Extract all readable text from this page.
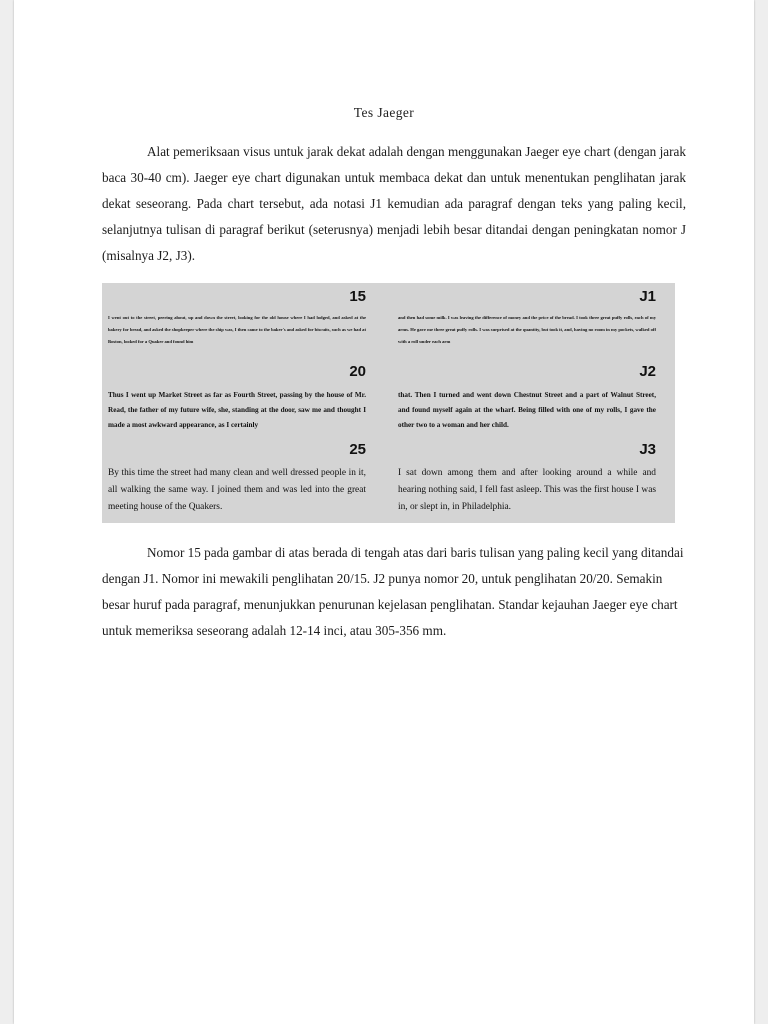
Tes Jaeger

Alat pemeriksaan visus untuk jarak dekat adalah dengan menggunakan Jaeger eye chart (dengan jarak baca 30-40 cm). Jaeger eye chart digunakan untuk membaca dekat dan untuk menentukan penglihatan jarak dekat seseorang. Pada chart tersebut, ada notasi J1 kemudian ada paragraf dengan teks yang paling kecil, selanjutnya tulisan di paragraf berikut (seterusnya) menjadi lebih besar ditandai dengan peningkatan nomor J (misalnya J2, J3).

15
I went out to the street, peering about, up and down the street, looking for the old house where I had lodged, and asked at the bakery for bread, and asked the shopkeeper where the ship was, I then came to the baker's and asked for biscuits, such as we had at Boston, looked for a Quaker and found him
J1
and then had some milk. I was leaving the difference of money and the price of the bread. I took three great puffy rolls, each of my arms. He gave me three great puffy rolls. I was surprised at the quantity, but took it, and, having no room in my pockets, walked off with a roll under each arm
20
Thus I went up Market Street as far as Fourth Street, passing by the house of Mr. Read, the father of my future wife, she, standing at the door, saw me and thought I made a most awkward appearance, as I certainly
J2
that. Then I turned and went down Chestnut Street and a part of Walnut Street, and found myself again at the wharf. Being filled with one of my rolls, I gave the other two to a woman and her child.
25
By this time the street had many clean and well dressed people in it, all walking the same way. I joined them and was led into the great meeting house of the Quakers.
J3
I sat down among them and after looking around a while and hearing nothing said, I fell fast asleep. This was the first house I was in, or slept in, in Philadelphia.

Nomor 15 pada gambar di atas berada di tengah atas dari baris tulisan yang paling kecil yang ditandai dengan J1. Nomor ini mewakili penglihatan 20/15. J2 punya nomor 20, untuk penglihatan 20/20. Semakin besar huruf pada paragraf, menunjukkan penurunan kejelasan penglihatan. Standar kejauhan Jaeger eye chart untuk memeriksa seseorang adalah 12-14 inci, atau 305-356 mm.
